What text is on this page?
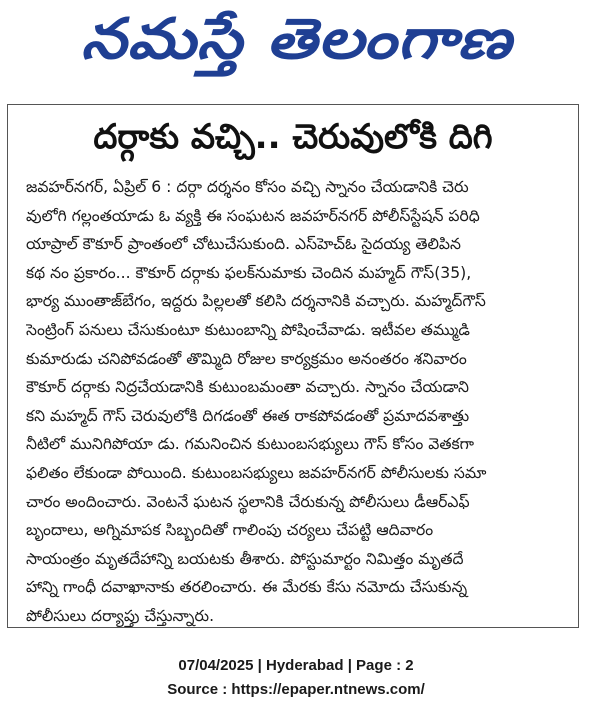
నమస్తే తెలంగాణ
దర్గాకు వచ్చి.. చెరువులోకి దిగి
జవహర్‌నగర్, ఏప్రిల్ 6 : దర్గా దర్శనం కోసం వచ్చి స్నానం చేయడానికి చెరు
వులోగి గల్లంతయాడు ఓ వ్యక్తి ఈ సంఘటన జవహర్‌నగర్ పోలీస్‌స్టేషన్ పరిధి
యాప్రాల్ కౌకూర్ ప్రాంతంలో చోటుచేసుకుంది. ఎస్‌హెచ్‌ఓ సైదయ్య తెలిపిన
కథ నం ప్రకారం... కౌకూర్ దర్గాకు ఫలక్‌నుమాకు చెందిన మహ్మద్ గౌస్(35),
భార్య ముంతాజ్‌బేగం, ఇద్దరు పిల్లలతో కలిసి దర్శనానికి వచ్చారు. మహ్మద్‌గౌస్
సెంట్రింగ్ పనులు చేసుకుంటూ కుటుంబాన్ని పోషించేవాడు. ఇటీవల తమ్ముడి
కుమారుడు చనిపోవడంతో తొమ్మిది రోజుల కార్యక్రమం అనంతరం శనివారం
కౌకూర్ దర్గాకు నిద్రచేయడానికి కుటుంబమంతా వచ్చారు. స్నానం చేయడాని
కని మహ్మద్ గౌస్ చెరువులోకి దిగడంతో ఈత రాకపోవడంతో ప్రమాదవశాత్తు
నీటిలో మునిగిపోయా డు. గమనించిన కుటుంబసభ్యులు గౌస్ కోసం వెతకగా
ఫలితం లేకుండా పోయింది. కుటుంబసభ్యులు జవహర్‌నగర్ పోలీసులకు సమా
చారం అందించారు. వెంటనే ఘటన స్థలానికి చేరుకున్న పోలీసులు డీఆర్‌ఎఫ్
బృందాలు, అగ్నిమాపక సిబ్బందితో గాలింపు చర్యలు చేపట్టి ఆదివారం
సాయంత్రం మృతదేహాన్ని బయటకు తీశారు. పోస్టుమార్టం నిమిత్తం మృతదే
హాన్ని గాంధీ దవాఖానాకు తరలించారు. ఈ మేరకు కేసు నమోదు చేసుకున్న
పోలీసులు దర్యాప్తు చేస్తున్నారు.
07/04/2025 | Hyderabad | Page : 2
Source : https://epaper.ntnews.com/
